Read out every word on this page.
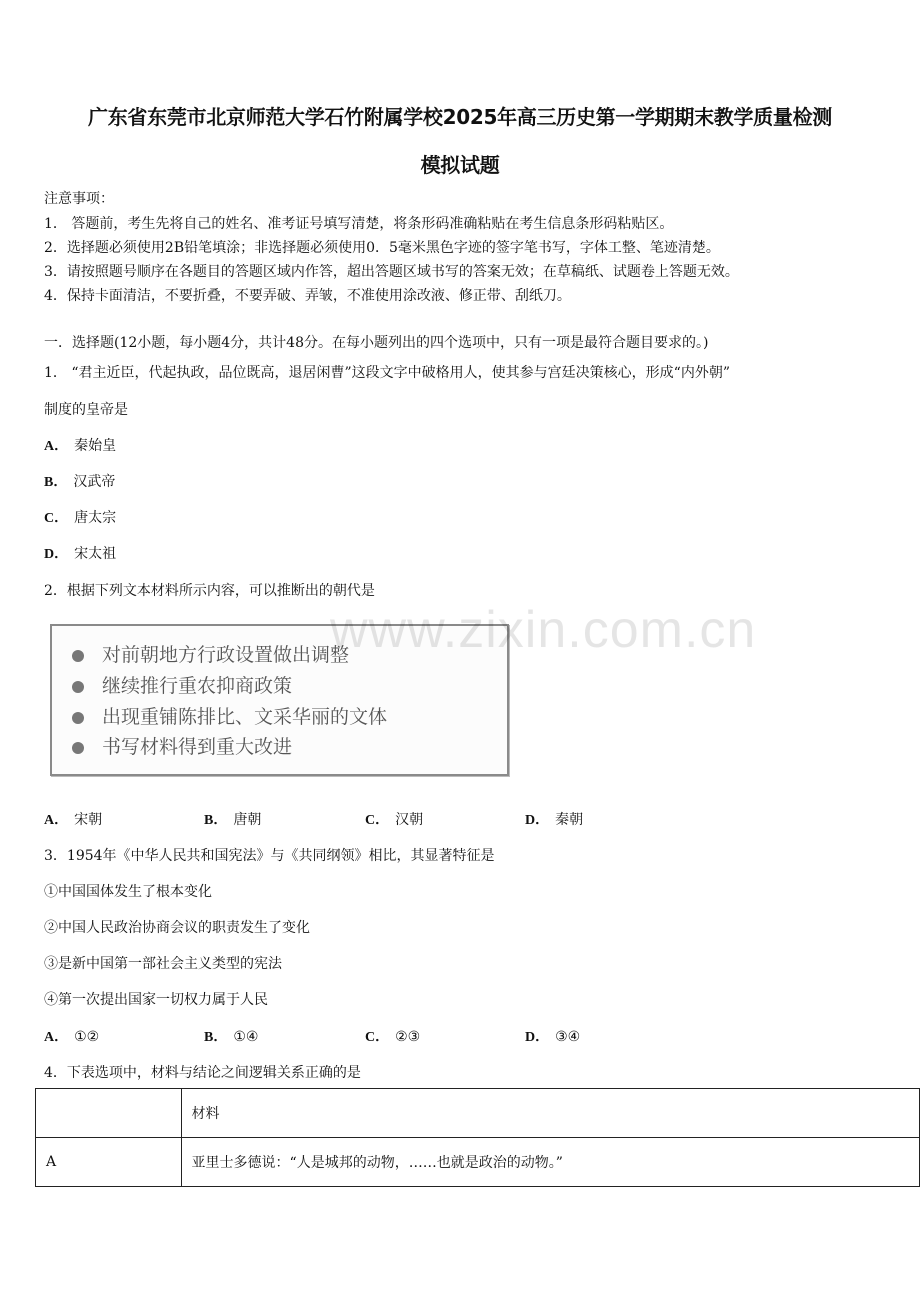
广东省东莞市北京师范大学石竹附属学校2025年高三历史第一学期期末教学质量检测
模拟试题
注意事项：
1． 答题前，考生先将自己的姓名、准考证号填写清楚，将条形码准确粘贴在考生信息条形码粘贴区。
2．选择题必须使用2B铅笔填涂；非选择题必须使用0．5毫米黑色字迹的签字笔书写，字体工整、笔迹清楚。
3．请按照题号顺序在各题目的答题区域内作答，超出答题区域书写的答案无效；在草稿纸、试题卷上答题无效。
4．保持卡面清洁，不要折叠，不要弄破、弄皱，不准使用涂改液、修正带、刮纸刀。
一．选择题(12小题，每小题4分，共计48分。在每小题列出的四个选项中，只有一项是最符合题目要求的。)
1． “君主近臣，代起执政，品位既高，退居闲曹”这段文字中破格用人，使其参与宫廷决策核心，形成“内外朝”
制度的皇帝是
A． 秦始皇
B． 汉武帝
C． 唐太宗
D． 宋太祖
2．根据下列文本材料所示内容，可以推断出的朝代是
对前朝地方行政设置做出调整
继续推行重农抑商政策
出现重铺陈排比、文采华丽的文体
书写材料得到重大改进
www.zixin.com.cn
A． 宋朝	B． 唐朝	C． 汉朝	D． 秦朝
3．1954年《中华人民共和国宪法》与《共同纲领》相比，其显著特征是
①中国国体发生了根本变化
②中国人民政治协商会议的职责发生了变化
③是新中国第一部社会主义类型的宪法
④第一次提出国家一切权力属于人民
A． ①②	B． ①④	C． ②③	D． ③④
4．下表选项中，材料与结论之间逻辑关系正确的是
	材料
A	亚里士多德说：“人是城邦的动物，……也就是政治的动物。”
